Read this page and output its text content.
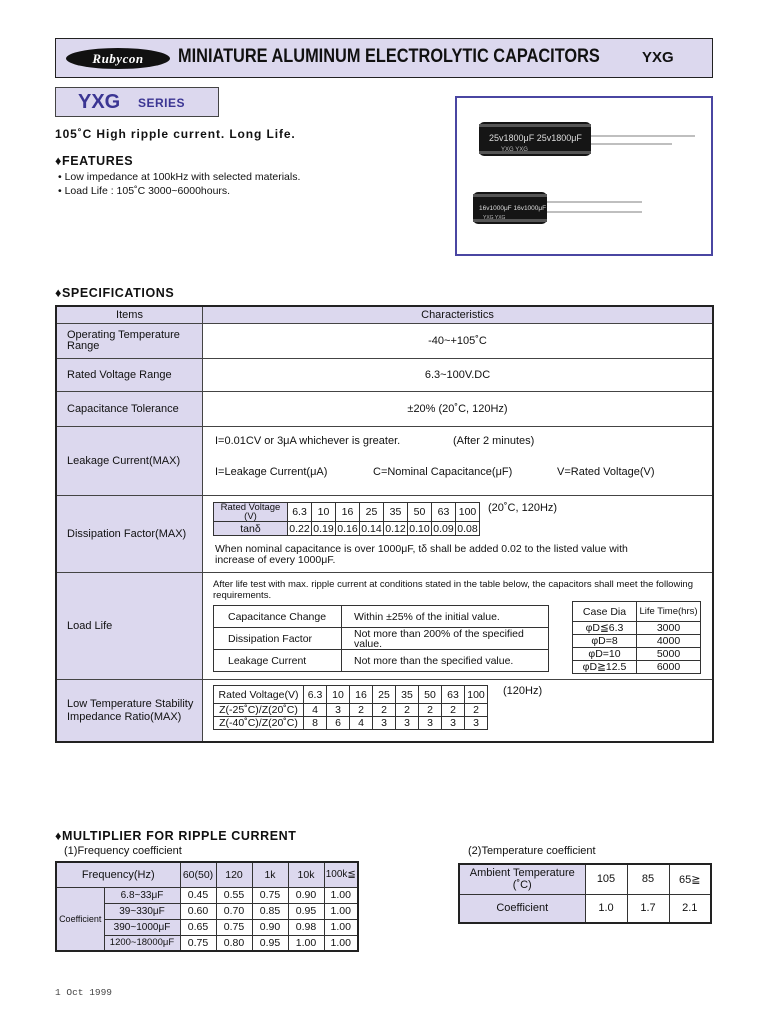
Rubycon	MINIATURE ALUMINUM ELECTROLYTIC CAPACITORS	YXG
YXG SERIES
25v1800μF 25v1800μF
YXG YXG
16v1000μF 16v1000μF
YXG YXG
105˚C High ripple current. Long Life.
♦FEATURES
• Low impedance at 100kHz with selected materials.
• Load Life : 105˚C 3000~6000hours.
♦SPECIFICATIONS
Items	Characteristics
Operating Temperature Range	-40~+105˚C
Rated Voltage Range	6.3~100V.DC
Capacitance Tolerance	±20% (20˚C, 120Hz)
Leakage Current(MAX)
I=0.01CV or 3μA whichever is greater.	(After 2 minutes)
I=Leakage Current(μA)	C=Nominal Capacitance(μF)	V=Rated Voltage(V)
Dissipation Factor(MAX)
Rated Voltage (V)	6.3	10	16	25	35	50	63	100
tanδ	0.22	0.19	0.16	0.14	0.12	0.10	0.09	0.08
(20˚C, 120Hz)
When nominal capacitance is over 1000μF, tδ shall be added 0.02 to the listed value with increase of every 1000μF.
Load Life
After life test with max. ripple current at conditions stated in the table below, the capacitors shall meet the following requirements.
Capacitance Change	Within ±25% of the initial value.
Dissipation Factor	Not more than 200% of the specified value.
Leakage Current	Not more than the specified value.
Case Dia	Life Time(hrs)
φD≦6.3	3000
φD=8	4000
φD=10	5000
φD≧12.5	6000
Low Temperature Stability Impedance Ratio(MAX)
Rated Voltage(V)	6.3	10	16	25	35	50	63	100
Z(-25˚C)/Z(20˚C)	4	3	2	2	2	2	2	2
Z(-40˚C)/Z(20˚C)	8	6	4	3	3	3	3	3
(120Hz)
♦MULTIPLIER FOR RIPPLE CURRENT
(1)Frequency coefficient	(2)Temperature coefficient
Frequency(Hz)		60(50)	120	1k	10k	100k≦
Coefficient	6.8~33μF	0.45	0.55	0.75	0.90	1.00
	39~330μF	0.60	0.70	0.85	0.95	1.00
	390~1000μF	0.65	0.75	0.90	0.98	1.00
	1200~18000μF	0.75	0.80	0.95	1.00	1.00
Ambient Temperature (˚C)	105	85	65≧
Coefficient	1.0	1.7	2.1
1 Oct 1999
